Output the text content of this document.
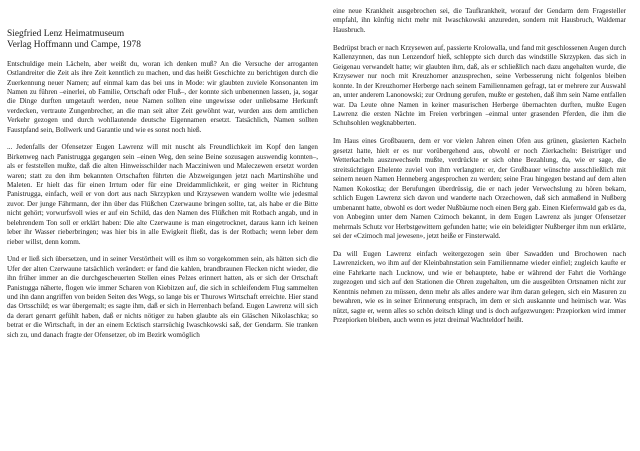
Siegfried Lenz Heimatmuseum

Verlag Hoffmann und Campe, 1978

Entschuldige mein Lächeln, aber weißt du, woran ich denken muß? An die Versuche der arroganten Ostlandreiter die Zeit als ihre Zeit kenntlich zu machen, und das heißt Geschichte zu berichtigen durch die Zuerkennung neuer Namen; auf einmal kam das bei uns in Mode: wir glaubten zuviele Konsonanten im Namen zu führen –einerlei, ob Familie, Ortschaft oder Fluß–, der konnte sich unbenennen lassen, ja, sogar die Dinge durften umgetauft werden, neue Namen sollten eine ungewisse oder unliebsame Herkunft verdecken, vertraute Zungenbrecher, an die man seit alter Zeit gewöhnt war, wurden aus dem amtlichen Verkehr gezogen und durch wohllautende deutsche Eigennamen ersetzt. Tatsächlich, Namen sollten Faustpfand sein, Bollwerk und Garantie und wie es sonst noch hieß.

... Jedenfalls der Ofensetzer Eugen Lawrenz will mit nuscht als Freundlichkeit im Kopf den langen Birkenweg nach Panistrugga gegangen sein –einen Weg, den seine Beine sozusagen auswendig konnten–, als er feststellen mußte, daß die alten Hinweisschilder nach Macziniwen und Maleczewen ersetzt worden waren; statt zu den ihm bekannten Ortschaften führten die Abzweigungen jetzt nach Martinshöhe und Maleten. Er hielt das für einen Irrtum oder für eine Dreidammlichkeit, er ging weiter in Richtung Panistrugga, einfach, weil er von dort aus nach Skrzypken und Krzysewen wandern wollte wie jedesmal zuvor. Der junge Fährmann, der ihn über das Flüßchen Czerwaune bringen sollte, tat, als habe er die Bitte nicht gehört; vorwurfsvoll wies er auf ein Schild, das den Namen des Flüßchen mit Rotbach angab, und in belehrendem Ton soll er erklärt haben: Die alte Czerwaune is man eingetrocknet, daraus kann ich keinen leber ihr Wasser rieberbringen; was hier bis in alle Ewigkeit fließt, das is der Rotbach; wenn leber dem rieber willst, denn komm.

Und er ließ sich übersetzen, und in seiner Verstörtheit will es ihm so vorgekommen sein, als hätten sich die Ufer der alten Czerwaune tatsächlich verändert: er fand die kahlen, brandbraunen Flecken nicht wieder, die ihn früher immer an die durchgescheuerten Stellen eines Pelzes erinnert hatten, als er sich der Ortschaft Panistugga näherte, flogen wie immer Scharen von Kiebitzen auf, die sich in schleifendem Flug sammelten und ihn dann angriffen von beiden Seiten des Wegs, so lange bis er Thurows Wirtschaft erreichte. Hier stand das Ortsschild; es war übergemalt; es sagte ihm, daß er sich in Herrenbach befand. Eugen Lawrenz will sich da derart genarrt gefühlt haben, daß er nichts nötiger zu haben glaubte als ein Gläschen Nikolaschka; so betrat er die Wirtschaft, in der an einem Ecktisch starrsüchig Iwaschkowski saß, der Gendarm. Sie tranken sich zu, und danach fragte der Ofensetzer, ob im Bezirk womöglich

eine neue Krankheit ausgebrochen sei, die Taufkrankheit, worauf der Gendarm dem Fragesteller empfahl, ihn künftig nicht mehr mit Iwaschkowski anzureden, sondern mit Hausbruch, Waldemar Hausbruch.

Bedrüpst brach er nach Krzysewen auf, passierte Krolowalla, und fand mit geschlossenen Augen durch Kallenzynnen, das nun Lenzendorf hieß, schleppte sich durch das windstille Skrzypken. das sich in Geigenau verwandelt hatte; wir glaubten ihm, daß, als er schließlich nach dazu angehalten wurde, die Krzysewer nur noch mit Kreuzhorner anzusprechen, seine Verbesserung nicht folgenlos bleiben konnte. In der Kreuzhorner Herberge nach seinem Familiennamen gefragt, tat er mehrere zur Auswahl an, unter anderem Lanonowski; zur Ordnung gerufen, mußte er gestehen, daß ihm sein Name entfallen war. Da Leute ohne Namen in keiner masurischen Herberge übernachten durften, mußte Eugen Lawrenz die ersten Nächte im Freien verbringen –einmal unter grasenden Pferden, die ihm die Schuhsohlen wegknabberten.

Im Haus eines Großbauern, dem er vor vielen Jahren einen Ofen aus grünen, glasierten Kacheln gesetzt hatte, hielt er es nur vorübergehend aus, obwohl er noch Zierkacheln: Beistrüger und Wetterkacheln auszuwechseln mußte, verdrückte er sich ohne Bezahlung, da, wie er sage, die streitsüchtigen Ehelente zuviel von ihm verlangten: er, der Großbauer wünschte ausschließlich mit seinem neuen Namen Henneberg angesprochen zu werden; seine Frau hingegen bestand auf dem alten Namen Kokostka; der Berufungen überdrüssig, die er nach jeder Verwechslung zu hören bekam, schlich Eugen Lawrenz sich davon und wanderte nach Orzechowen, daß sich anmaßend in Nußberg umbenannt hatte, obwohl es dort weder Nußbäume noch einen Berg gab. Einen Kiefernwald gab es da, von Anbeginn unter dem Namen Czimoch bekannt, in dem Eugen Lawrenz als junger Ofensetzer mehrmals Schutz vor Herbstgewittern gefunden hatte; wie ein beleidigter Nußberger ihm nun erklärte, sei der «Czimoch mal jewesen», jetzt heiße er Finsterwald.

Da will Eugen Lawrenz einfach weitergezogen sein über Sawadden und Brochowen nach Lawrenzicken, wo ihm auf der Kleinbahnstation sein Familienname wieder einfiel; zugleich kaufte er eine Fahrkarte nach Lucknow, und wie er behauptete, habe er während der Fahrt die Vorhänge zugezogen und sich auf den Stationen die Ohren zugehalten, um die ausgeübten Ortsnamen nicht zur Kenntnis nehmen zu müssen, denn mehr als alles andere war ihm daran gelegen, sich ein Masuren zu bewahren, wie es in seiner Erinnerung entsprach, im dem er sich auskannte und heimisch war. Was nützt, sagte er, wenn alles so schön deitsch klingt und is doch aufgezwungen: Przepiorken wird immer Przepiorken bleiben, auch wenn es jetzt dreimal Wachteldorf heißt.
